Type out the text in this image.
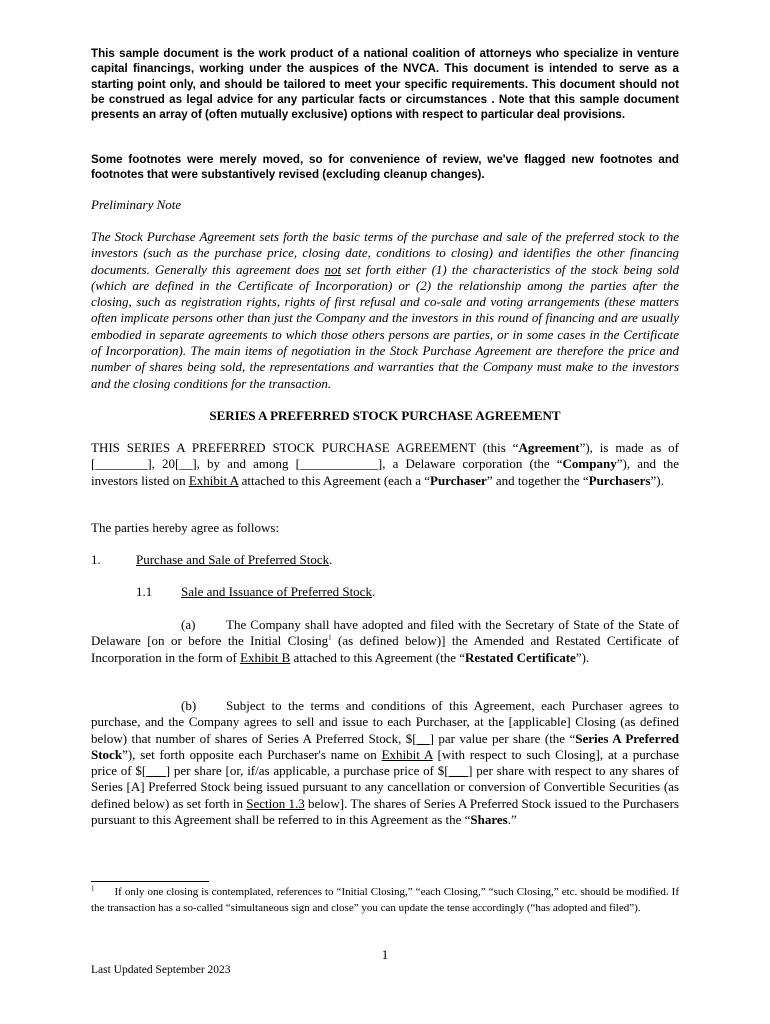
This sample document is the work product of a national coalition of attorneys who specialize in venture capital financings, working under the auspices of the NVCA. This document is intended to serve as a starting point only, and should be tailored to meet your specific requirements. This document should not be construed as legal advice for any particular facts or circumstances . Note that this sample document presents an array of (often mutually exclusive) options with respect to particular deal provisions.

Some footnotes were merely moved, so for convenience of review, we've flagged new footnotes and footnotes that were substantively revised (excluding cleanup changes).

Preliminary Note

The Stock Purchase Agreement sets forth the basic terms of the purchase and sale of the preferred stock to the investors (such as the purchase price, closing date, conditions to closing) and identifies the other financing documents. Generally this agreement does not set forth either (1) the characteristics of the stock being sold (which are defined in the Certificate of Incorporation) or (2) the relationship among the parties after the closing, such as registration rights, rights of first refusal and co-sale and voting arrangements (these matters often implicate persons other than just the Company and the investors in this round of financing and are usually embodied in separate agreements to which those others persons are parties, or in some cases in the Certificate of Incorporation). The main items of negotiation in the Stock Purchase Agreement are therefore the price and number of shares being sold, the representations and warranties that the Company must make to the investors and the closing conditions for the transaction.

SERIES A PREFERRED STOCK PURCHASE AGREEMENT

THIS SERIES A PREFERRED STOCK PURCHASE AGREEMENT (this “Agreement”), is made as of [________], 20[__], by and among [____________], a Delaware corporation (the “Company”), and the investors listed on Exhibit A attached to this Agreement (each a “Purchaser” and together the “Purchasers”).

The parties hereby agree as follows:

1.	Purchase and Sale of Preferred Stock.

1.1 Sale and Issuance of Preferred Stock.

(a) The Company shall have adopted and filed with the Secretary of State of the State of Delaware [on or before the Initial Closing$^1$ (as defined below)] the Amended and Restated Certificate of Incorporation in the form of Exhibit B attached to this Agreement (the “Restated Certificate”).

(b) Subject to the terms and conditions of this Agreement, each Purchaser agrees to purchase, and the Company agrees to sell and issue to each Purchaser, at the [applicable] Closing (as defined below) that number of shares of Series A Preferred Stock, $[__] par value per share (the “Series A Preferred Stock”), set forth opposite each Purchaser's name on Exhibit A [with respect to such Closing], at a purchase price of $[___] per share [or, if/as applicable, a purchase price of $[___] per share with respect to any shares of Series [A] Preferred Stock being issued pursuant to any cancellation or conversion of Convertible Securities (as defined below) as set forth in Section 1.3 below]. The shares of Series A Preferred Stock issued to the Purchasers pursuant to this Agreement shall be referred to in this Agreement as the “Shares.”

$^1$ If only one closing is contemplated, references to “Initial Closing,” “each Closing,” “such Closing,” etc. should be modified. If the transaction has a so-called “simultaneous sign and close” you can update the tense accordingly (“has adopted and filed”).

1

Last Updated September 2023
